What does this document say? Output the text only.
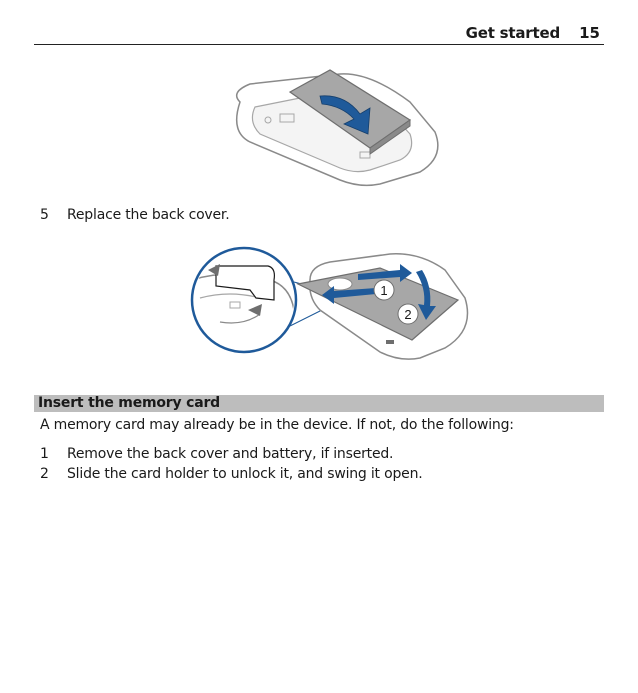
Get started 15
5 Replace the back cover.
1
2
Insert the memory card
A memory card may already be in the device. If not, do the following:
1 Remove the back cover and battery, if inserted.
2 Slide the card holder to unlock it, and swing it open.
